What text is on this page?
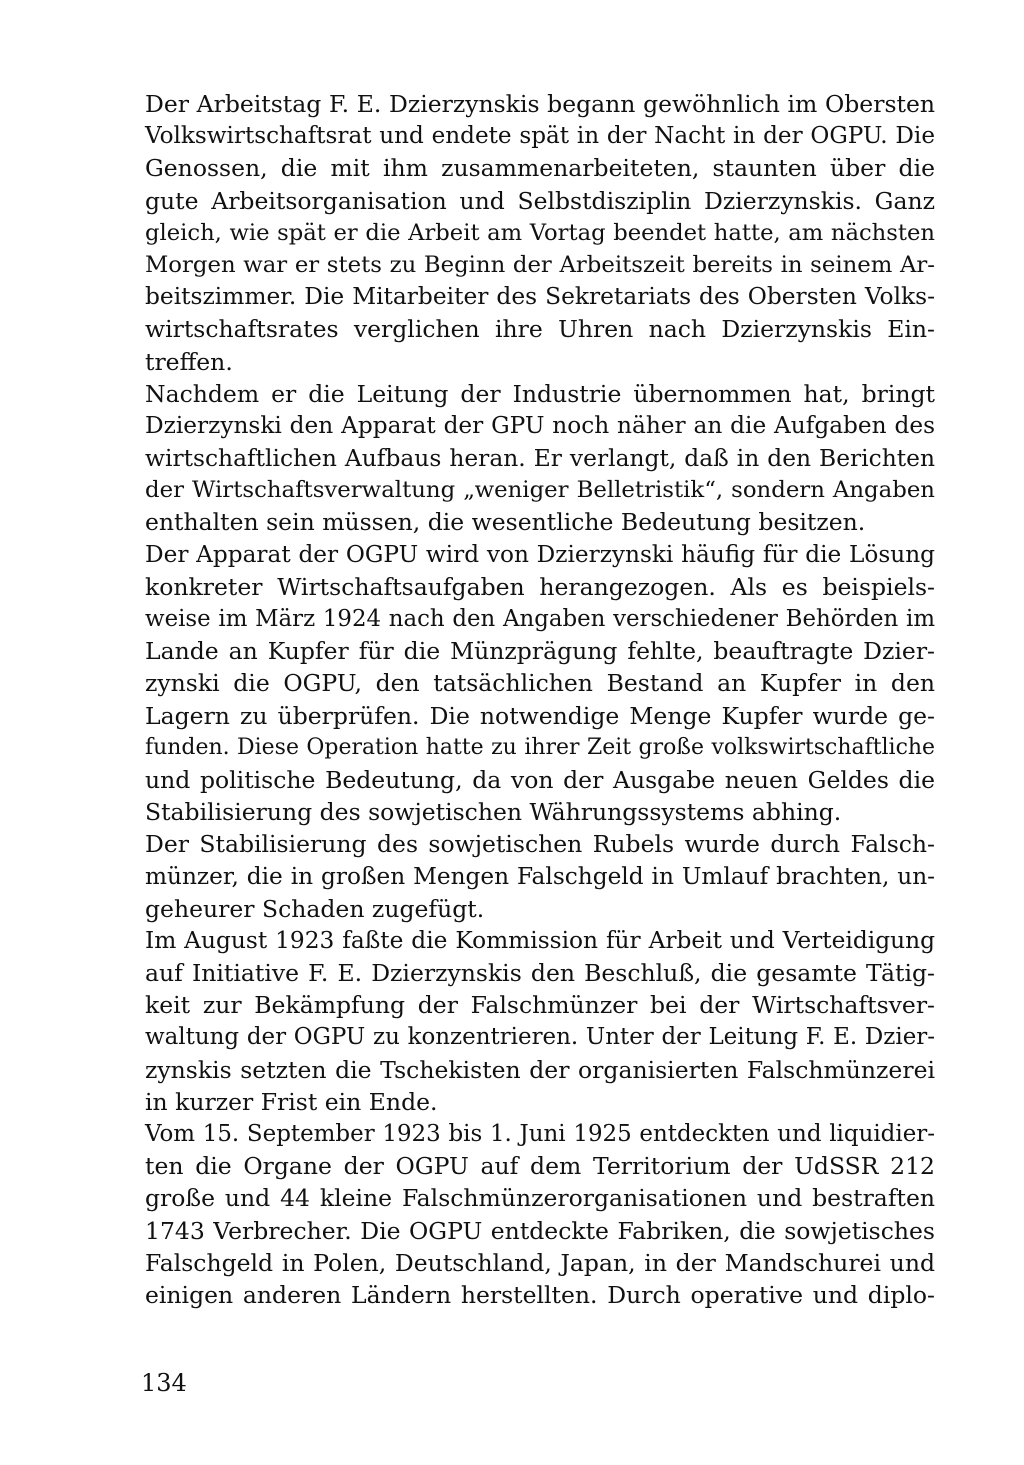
Der Arbeitstag F. E. Dzierzynskis begann gewöhnlich im Obersten
Volkswirtschaftsrat und endete spät in der Nacht in der OGPU. Die
Genossen, die mit ihm zusammenarbeiteten, staunten über die
gute Arbeitsorganisation und Selbstdisziplin Dzierzynskis. Ganz
gleich, wie spät er die Arbeit am Vortag beendet hatte, am nächsten
Morgen war er stets zu Beginn der Arbeitszeit bereits in seinem Ar-
beitszimmer. Die Mitarbeiter des Sekretariats des Obersten Volks-
wirtschaftsrates verglichen ihre Uhren nach Dzierzynskis Ein-
treffen.
Nachdem er die Leitung der Industrie übernommen hat, bringt
Dzierzynski den Apparat der GPU noch näher an die Aufgaben des
wirtschaftlichen Aufbaus heran. Er verlangt, daß in den Berichten
der Wirtschaftsverwaltung „weniger Belletristik“, sondern Angaben
enthalten sein müssen, die wesentliche Bedeutung besitzen.
Der Apparat der OGPU wird von Dzierzynski häufig für die Lösung
konkreter Wirtschaftsaufgaben herangezogen. Als es beispiels-
weise im März 1924 nach den Angaben verschiedener Behörden im
Lande an Kupfer für die Münzprägung fehlte, beauftragte Dzier-
zynski die OGPU, den tatsächlichen Bestand an Kupfer in den
Lagern zu überprüfen. Die notwendige Menge Kupfer wurde ge-
funden. Diese Operation hatte zu ihrer Zeit große volkswirtschaftliche
und politische Bedeutung, da von der Ausgabe neuen Geldes die
Stabilisierung des sowjetischen Währungssystems abhing.
Der Stabilisierung des sowjetischen Rubels wurde durch Falsch-
münzer, die in großen Mengen Falschgeld in Umlauf brachten, un-
geheurer Schaden zugefügt.
Im August 1923 faßte die Kommission für Arbeit und Verteidigung
auf Initiative F. E. Dzierzynskis den Beschluß, die gesamte Tätig-
keit zur Bekämpfung der Falschmünzer bei der Wirtschaftsver-
waltung der OGPU zu konzentrieren. Unter der Leitung F. E. Dzier-
zynskis setzten die Tschekisten der organisierten Falschmünzerei
in kurzer Frist ein Ende.
Vom 15. September 1923 bis 1. Juni 1925 entdeckten und liquidier-
ten die Organe der OGPU auf dem Territorium der UdSSR 212
große und 44 kleine Falschmünzerorganisationen und bestraften
1743 Verbrecher. Die OGPU entdeckte Fabriken, die sowjetisches
Falschgeld in Polen, Deutschland, Japan, in der Mandschurei und
einigen anderen Ländern herstellten. Durch operative und diplo-
134
